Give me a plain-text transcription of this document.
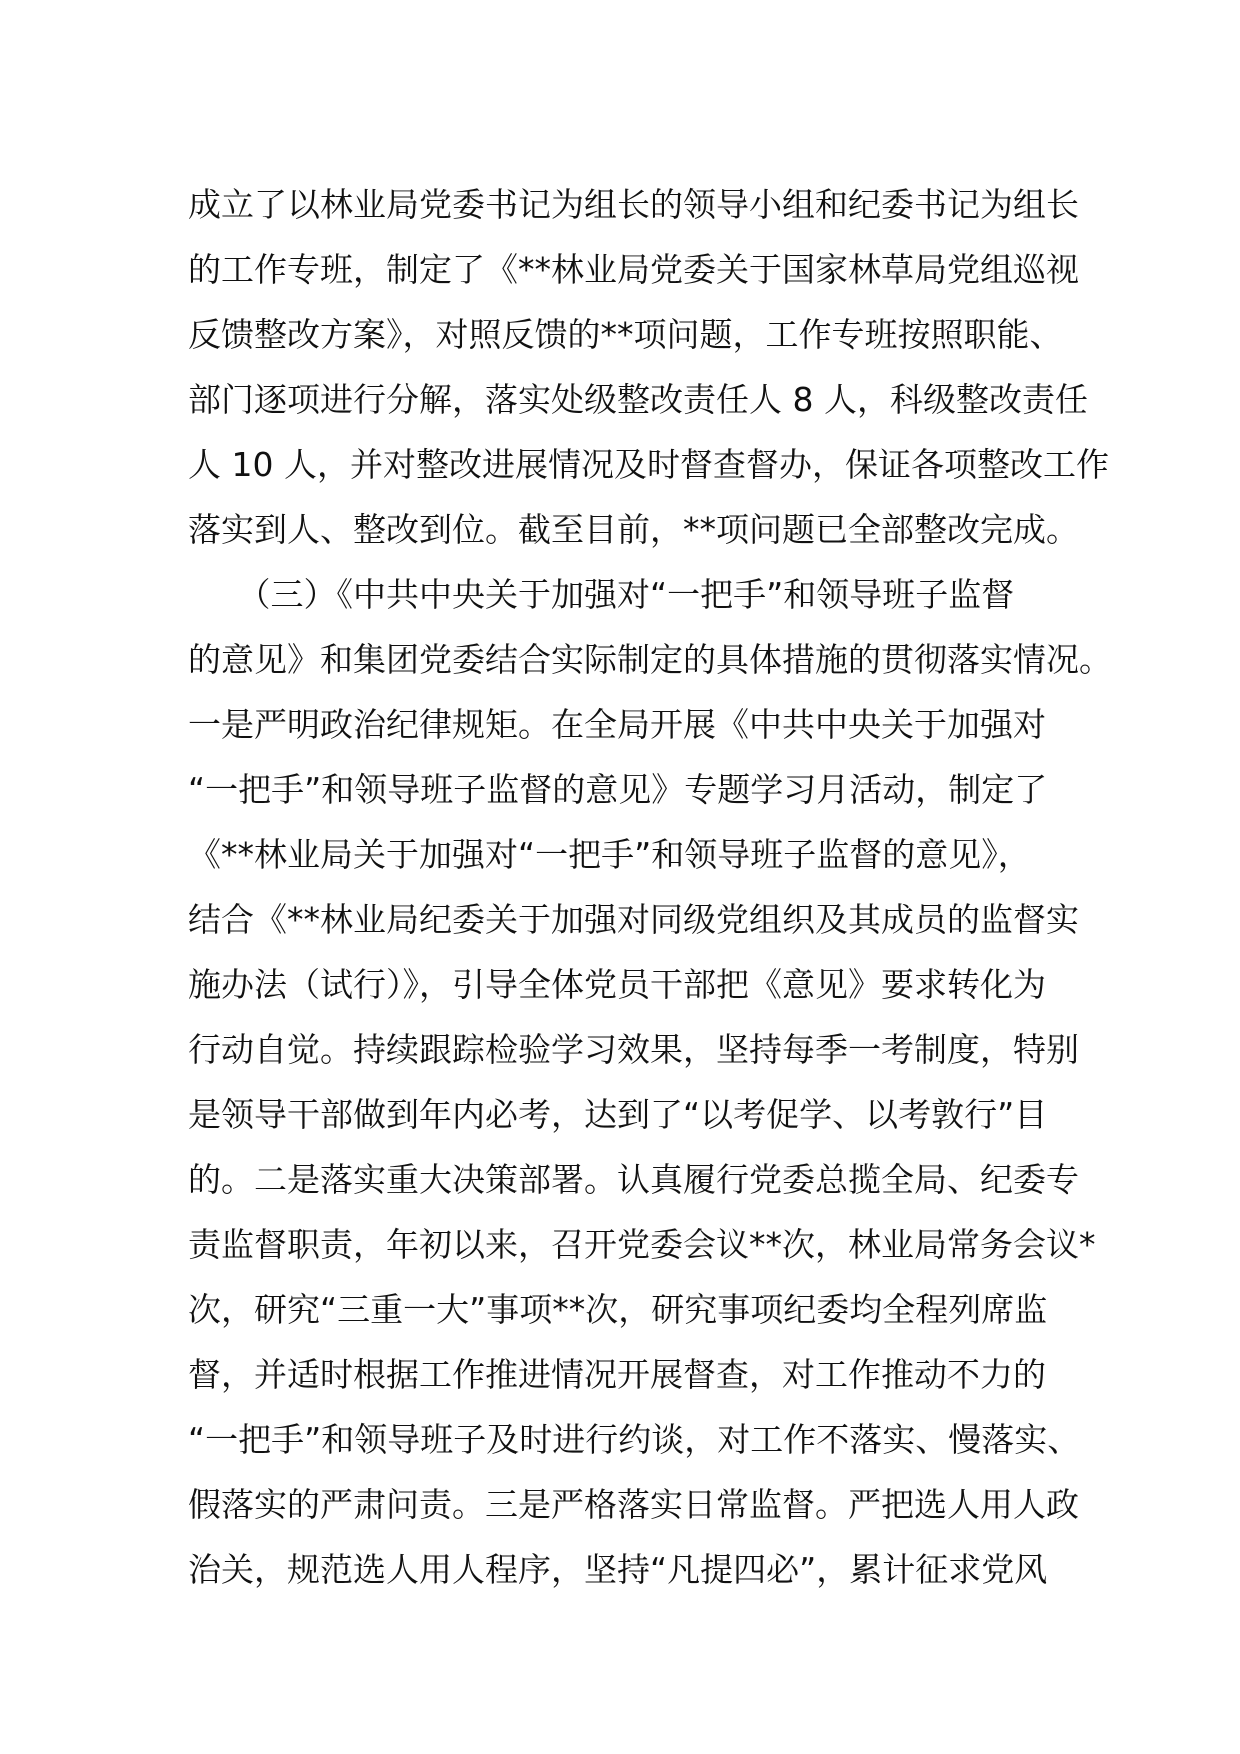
成立了以林业局党委书记为组长的领导小组和纪委书记为组长
的工作专班，制定了《**林业局党委关于国家林草局党组巡视
反馈整改方案》，对照反馈的**项问题，工作专班按照职能、
部门逐项进行分解，落实处级整改责任人 8 人，科级整改责任
人 10 人，并对整改进展情况及时督查督办，保证各项整改工作
落实到人、整改到位。截至目前，**项问题已全部整改完成。
　　（三）《中共中央关于加强对“一把手”和领导班子监督
的意见》和集团党委结合实际制定的具体措施的贯彻落实情况。
一是严明政治纪律规矩。在全局开展《中共中央关于加强对
“一把手”和领导班子监督的意见》专题学习月活动，制定了
《**林业局关于加强对“一把手”和领导班子监督的意见》，
结合《**林业局纪委关于加强对同级党组织及其成员的监督实
施办法（试行）》，引导全体党员干部把《意见》要求转化为
行动自觉。持续跟踪检验学习效果，坚持每季一考制度，特别
是领导干部做到年内必考，达到了“以考促学、以考敦行”目
的。二是落实重大决策部署。认真履行党委总揽全局、纪委专
责监督职责，年初以来，召开党委会议**次，林业局常务会议*
次，研究“三重一大”事项**次，研究事项纪委均全程列席监
督，并适时根据工作推进情况开展督查，对工作推动不力的
“一把手”和领导班子及时进行约谈，对工作不落实、慢落实、
假落实的严肃问责。三是严格落实日常监督。严把选人用人政
治关，规范选人用人程序，坚持“凡提四必”，累计征求党风
